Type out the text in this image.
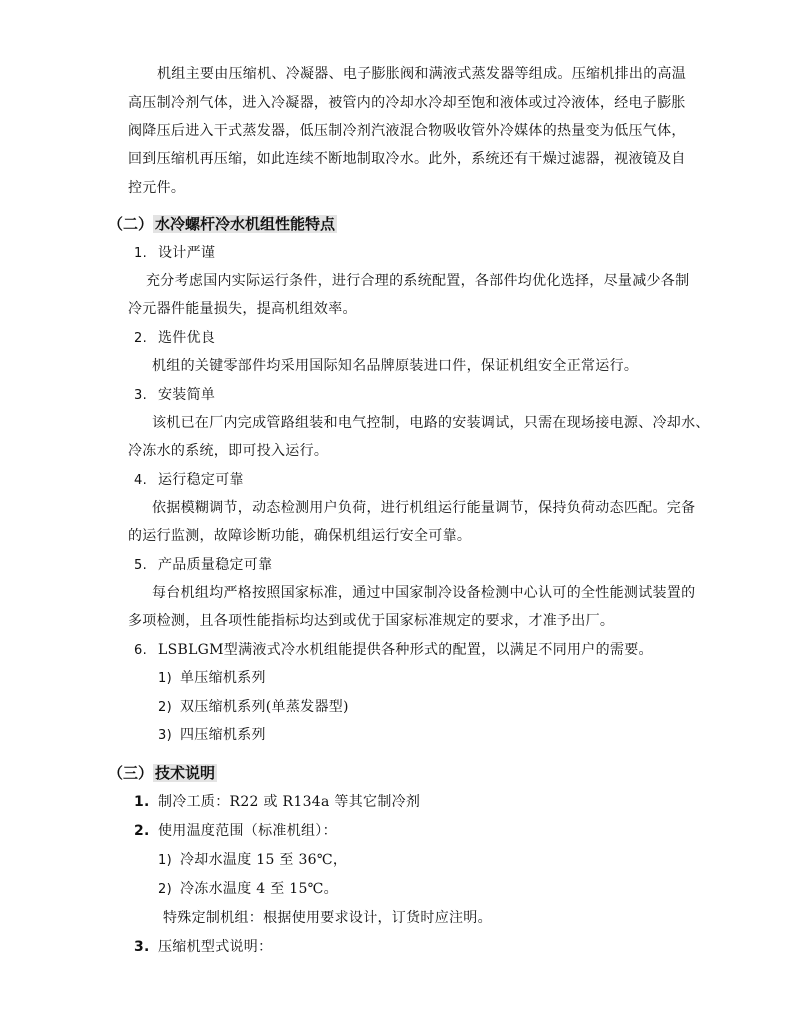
机组主要由压缩机、冷凝器、电子膨胀阀和满液式蒸发器等组成。压缩机排出的高温
高压制冷剂气体，进入冷凝器，被管内的冷却水冷却至饱和液体或过冷液体，经电子膨胀
阀降压后进入干式蒸发器，低压制冷剂汽液混合物吸收管外冷媒体的热量变为低压气体，
回到压缩机再压缩，如此连续不断地制取冷水。此外，系统还有干燥过滤器，视液镜及自
控元件。
（二） 水冷螺杆冷水机组性能特点
1. 设计严谨
充分考虑国内实际运行条件，进行合理的系统配置，各部件均优化选择，尽量减少各制
冷元器件能量损失，提高机组效率。
2. 选件优良
机组的关键零部件均采用国际知名品牌原装进口件，保证机组安全正常运行。
3. 安装简单
该机已在厂内完成管路组装和电气控制，电路的安装调试，只需在现场接电源、冷却水、
冷冻水的系统，即可投入运行。
4. 运行稳定可靠
依据模糊调节，动态检测用户负荷，进行机组运行能量调节，保持负荷动态匹配。完备
的运行监测，故障诊断功能，确保机组运行安全可靠。
5. 产品质量稳定可靠
每台机组均严格按照国家标准，通过中国家制冷设备检测中心认可的全性能测试装置的
多项检测，且各项性能指标均达到或优于国家标准规定的要求，才准予出厂。
6. LSBLGM型满液式冷水机组能提供各种形式的配置，以满足不同用户的需要。
1) 单压缩机系列
2) 双压缩机系列(单蒸发器型)
3) 四压缩机系列
（三） 技术说明
1. 制冷工质：R22 或 R134a 等其它制冷剂
2. 使用温度范围（标准机组）：
1) 冷却水温度 15 至 36℃，
2) 冷冻水温度 4 至 15℃。
特殊定制机组：根据使用要求设计，订货时应注明。
3. 压缩机型式说明：
